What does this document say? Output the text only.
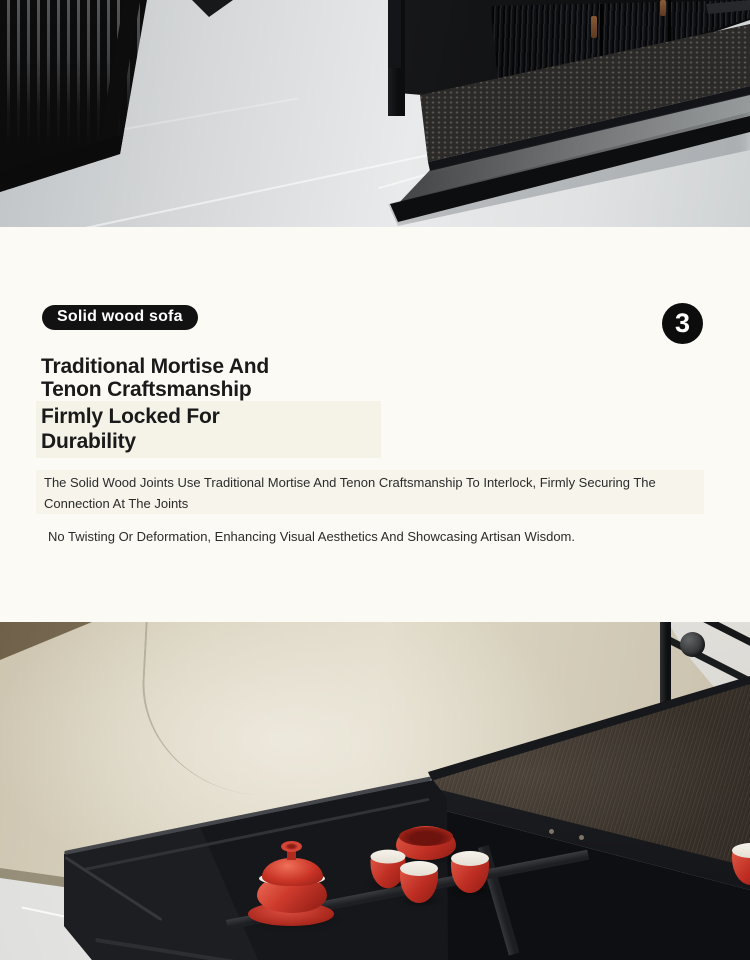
Solid wood sofa	3
Traditional Mortise And
Tenon Craftsmanship
Firmly Locked For
Durability

The Solid Wood Joints Use Traditional Mortise And Tenon Craftsmanship To Interlock, Firmly Securing The Connection At The Joints

No Twisting Or Deformation, Enhancing Visual Aesthetics And Showcasing Artisan Wisdom.
